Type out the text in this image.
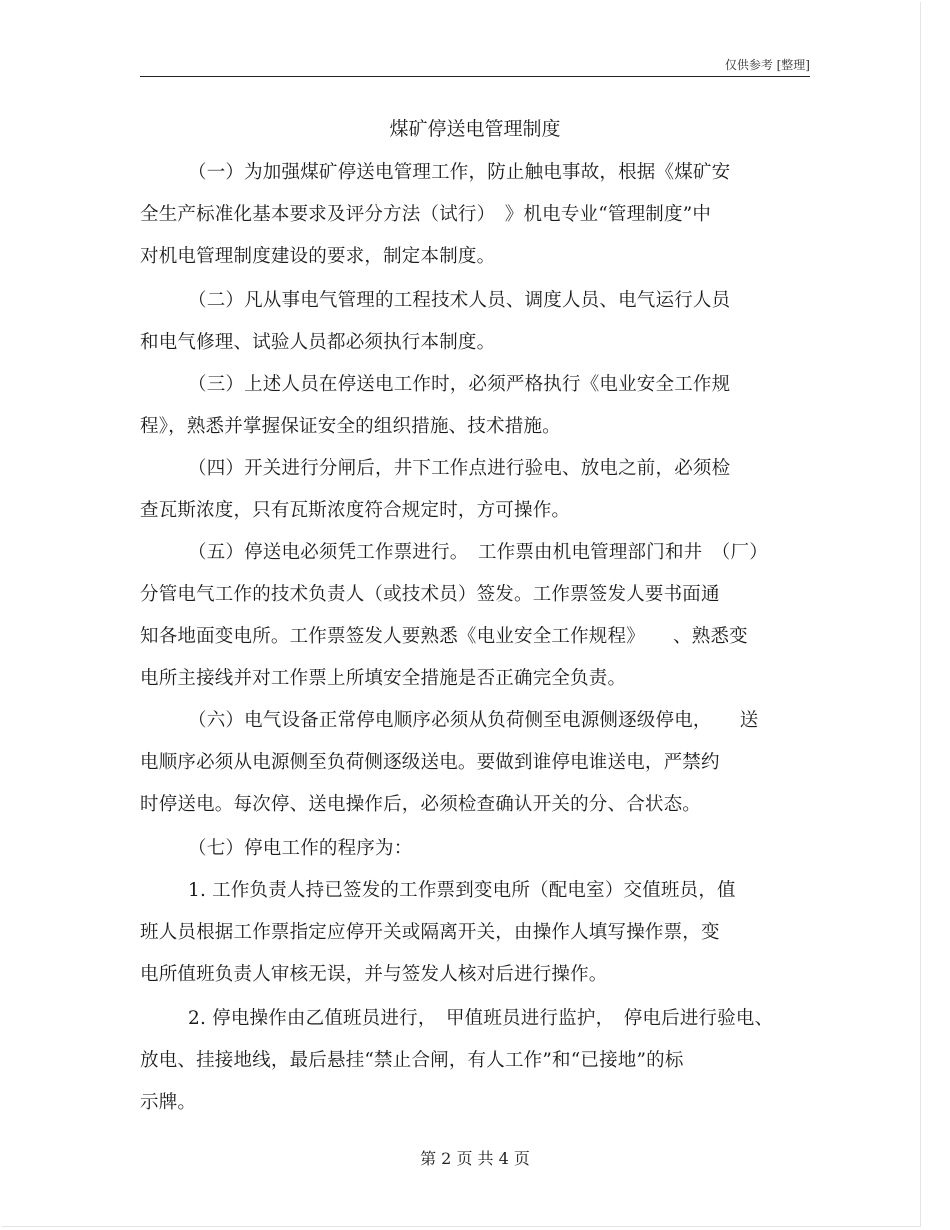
仅供参考 [整理]
煤矿停送电管理制度
（一）为加强煤矿停送电管理工作，防止触电事故，根据《煤矿安
全生产标准化基本要求及评分方法（试行）　》机电专业“管理制度”中
对机电管理制度建设的要求，制定本制度。
（二）凡从事电气管理的工程技术人员、调度人员、电气运行人员
和电气修理、试验人员都必须执行本制度。
（三）上述人员在停送电工作时，必须严格执行《电业安全工作规
程》，熟悉并掌握保证安全的组织措施、技术措施。
（四）开关进行分闸后，井下工作点进行验电、放电之前，必须检
查瓦斯浓度，只有瓦斯浓度符合规定时，方可操作。
（五）停送电必须凭工作票进行。　工作票由机电管理部门和井　（厂）
分管电气工作的技术负责人（或技术员）签发。工作票签发人要书面通
知各地面变电所。工作票签发人要熟悉《电业安全工作规程》　　、熟悉变
电所主接线并对工作票上所填安全措施是否正确完全负责。
（六）电气设备正常停电顺序必须从负荷侧至电源侧逐级停电，　　送
电顺序必须从电源侧至负荷侧逐级送电。要做到谁停电谁送电，严禁约
时停送电。每次停、送电操作后，必须检查确认开关的分、合状态。
（七）停电工作的程序为：
1. 工作负责人持已签发的工作票到变电所（配电室）交值班员，值
班人员根据工作票指定应停开关或隔离开关，由操作人填写操作票，变
电所值班负责人审核无误，并与签发人核对后进行操作。
2. 停电操作由乙值班员进行，　甲值班员进行监护，　停电后进行验电、
放电、挂接地线，最后悬挂“禁止合闸，有人工作”和“已接地”的标
示牌。
第 2 页 共 4 页
